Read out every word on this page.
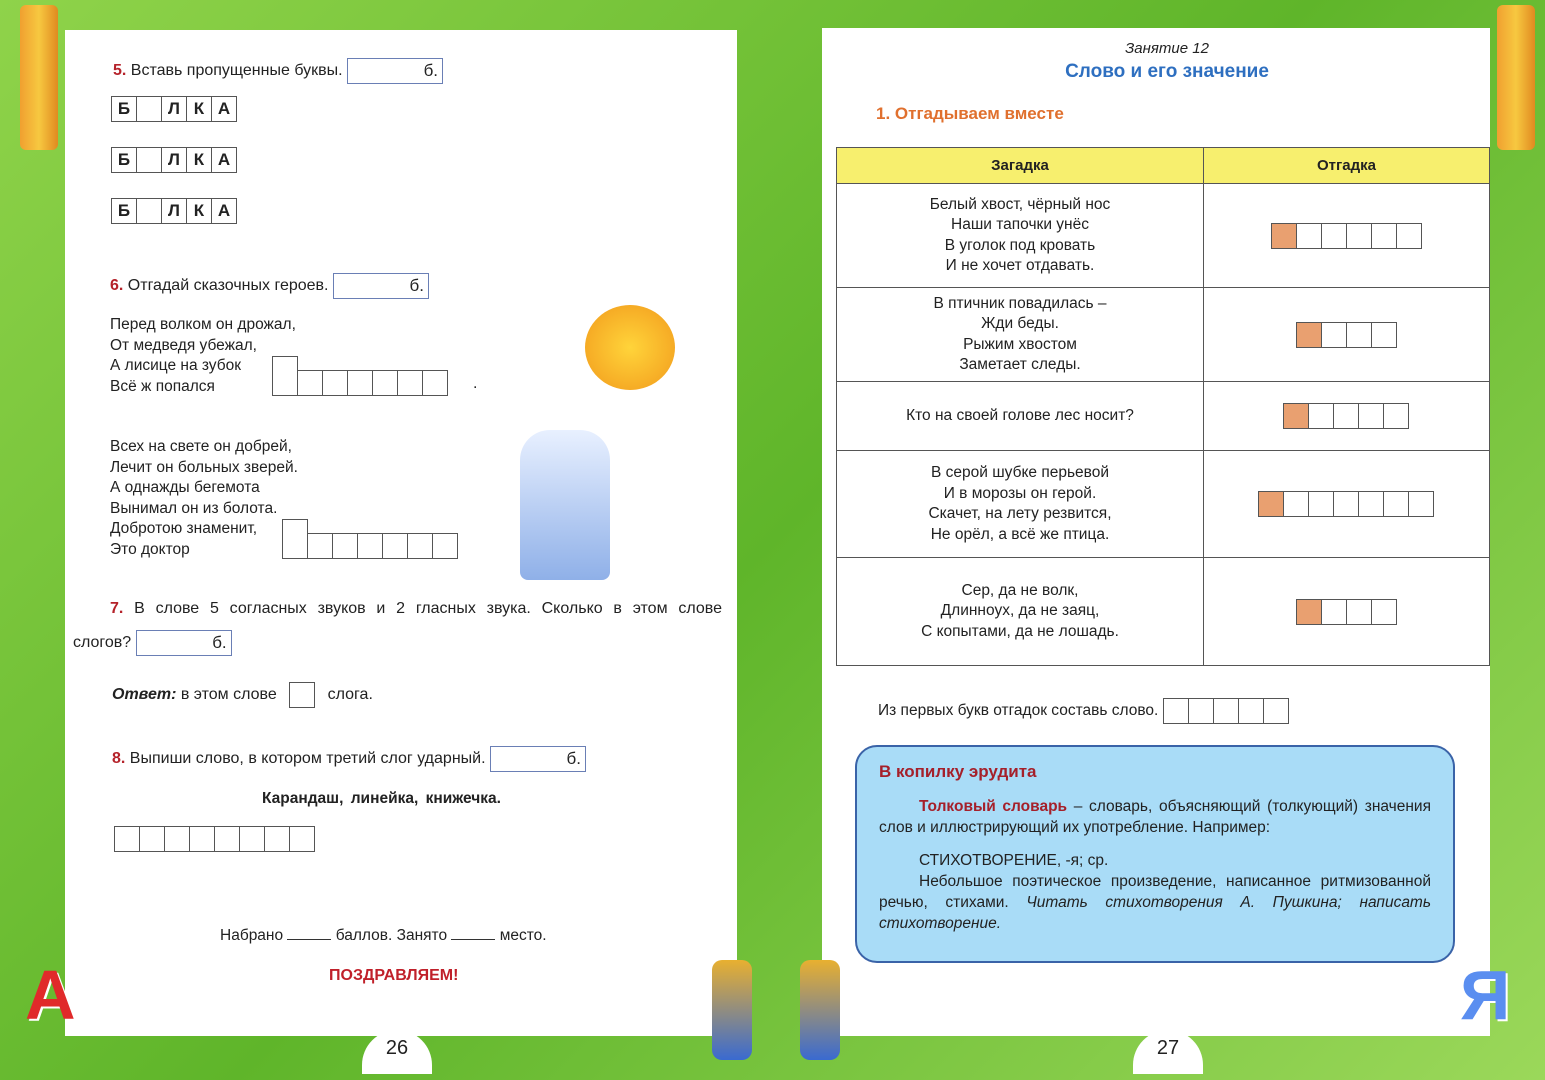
5. Вставь пропущенные буквы.	б.
Б	Л К А
Б	Л К А
Б	Л К А
6. Отгадай сказочных героев.	б.
Перед волком он дрожал,
От медведя убежал,
А лисице на зубок
Всё ж попался	.
Всех на свете он добрей,
Лечит он больных зверей.
А однажды бегемота
Вынимал он из болота.
Добротою знаменит,
Это доктор
7. В слове 5 согласных звуков и 2 гласных звука. Сколько в этом слове
слогов?	б.
Ответ: в этом слове	слога.
8. Выпиши слово, в котором третий слог ударный.	б.
Карандаш, линейка, книжечка.
Набрано	баллов. Занято	место.
ПОЗДРАВЛЯЕМ!
26
Занятие 12
Слово и его значение
1. Отгадываем вместе
Загадка	Отгадка

Белый хвост, чёрный нос
Наши тапочки унёс
В уголок под кровать
И не хочет отдавать.	

В птичник повадилась –
Жди беды.
Рыжим хвостом
Заметает следы.	

Кто на своей голове лес носит?	

В серой шубке перьевой
И в морозы он герой.
Скачет, на лету резвится,
Не орёл, а всё же птица.	

Сер, да не волк,
Длинноух, да не заяц,
С копытами, да не лошадь.	

Из первых букв отгадок составь слово.
27
В копилку эрудита

Толковый словарь – словарь, объясняющий (толкующий) значения слов и иллюстрирующий их употребление. Например:

СТИХОТВОРЕНИЕ, -я; ср.

Небольшое поэтическое произведение, написанное ритмизованной речью, стихами. Читать стихотворения А. Пушкина; написать стихотворение.

А	Я
